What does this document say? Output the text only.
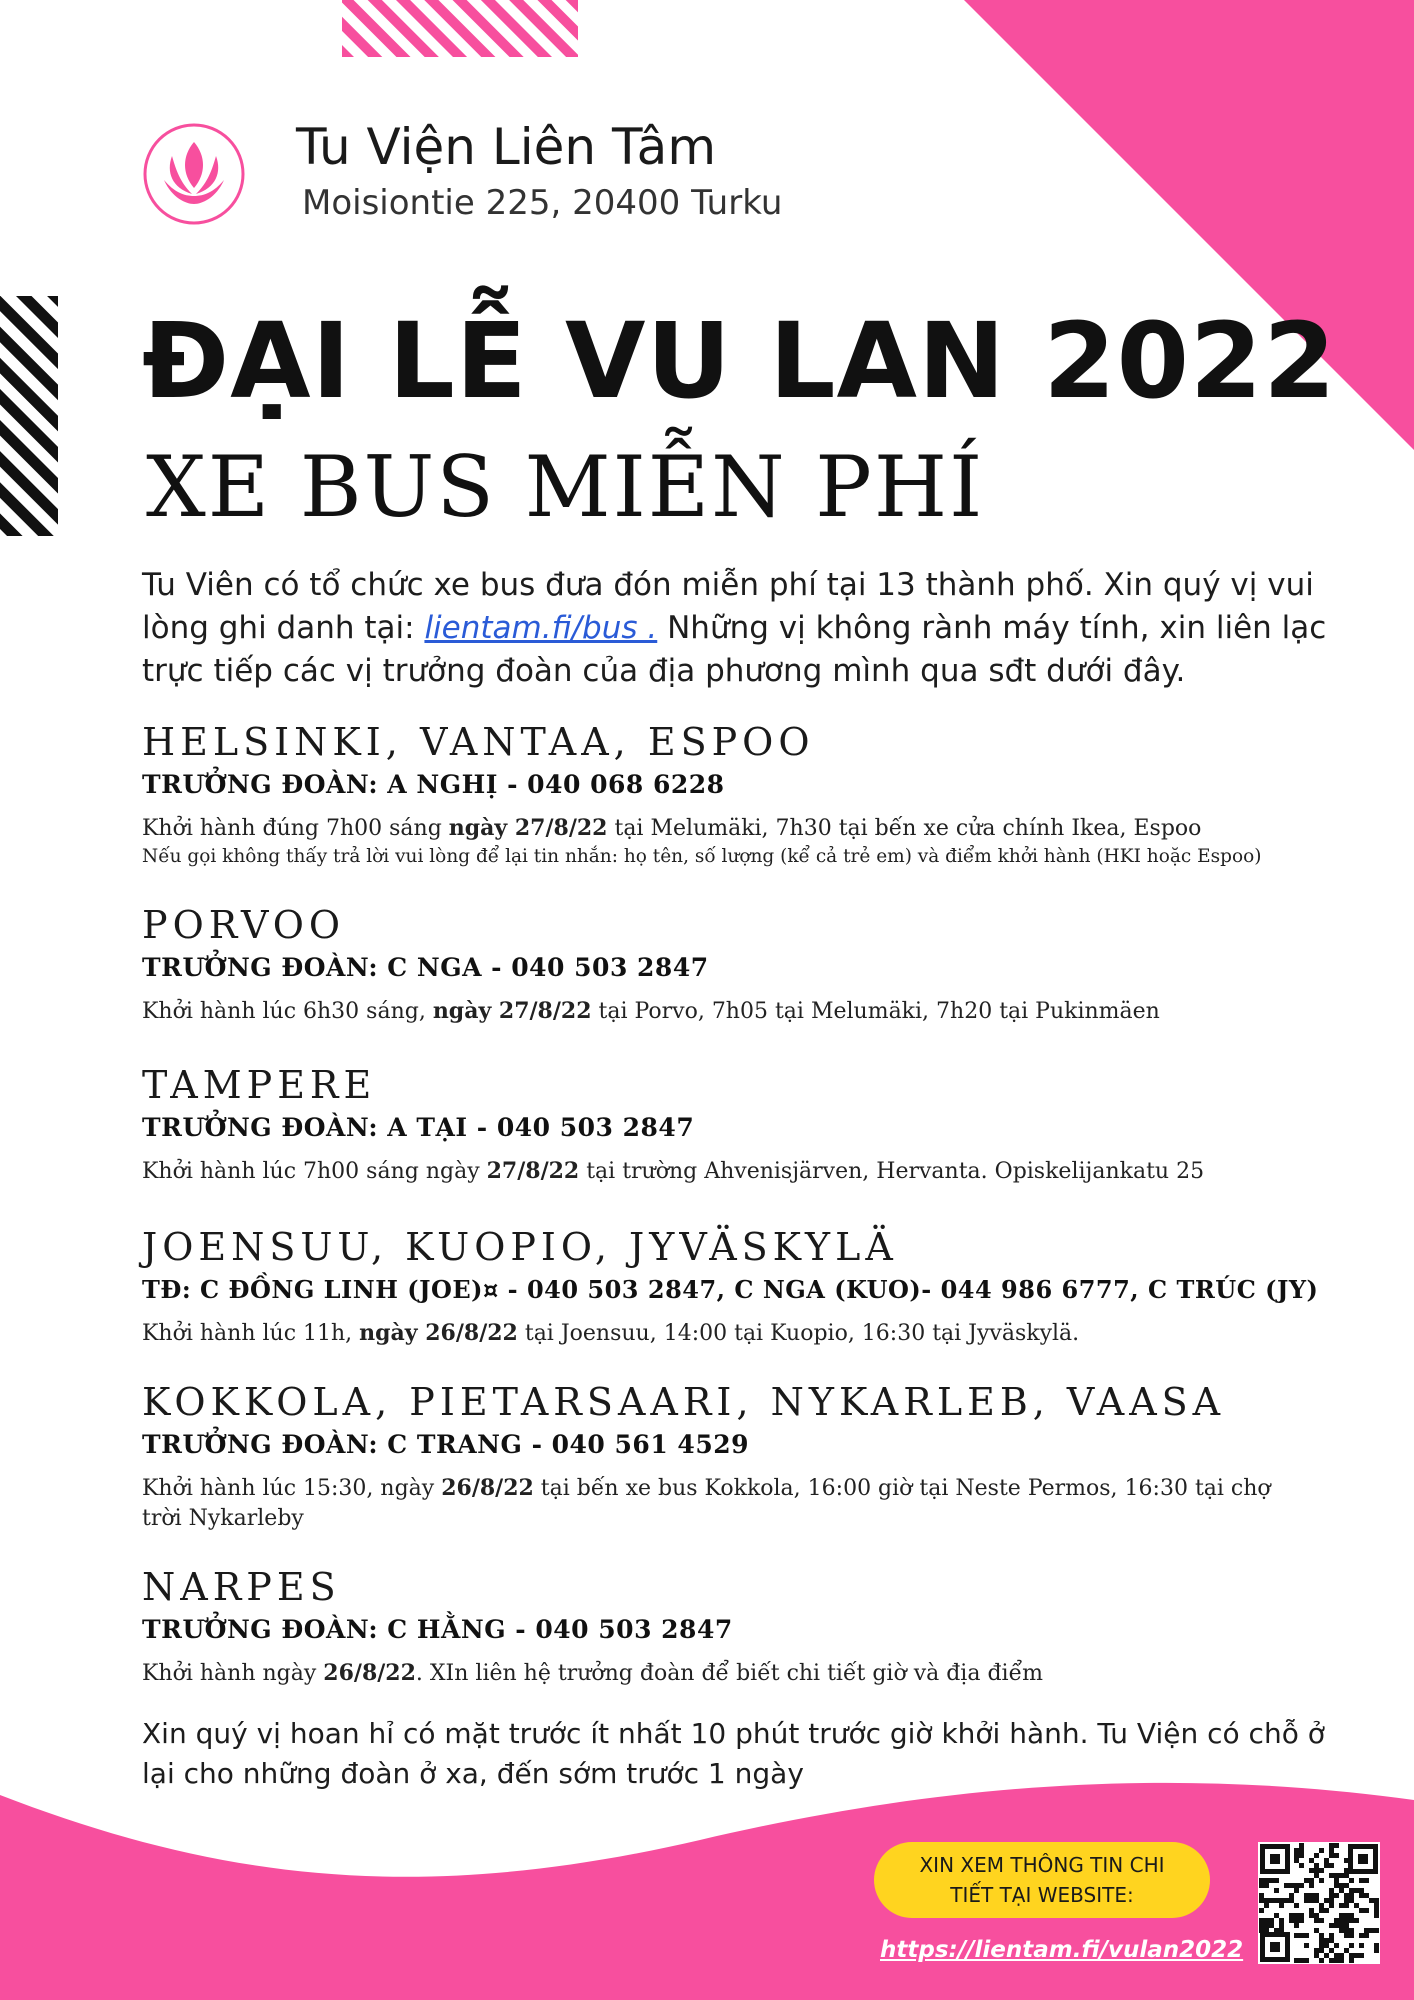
Tu Viện Liên Tâm
Moisiontie 225, 20400 Turku
ĐẠI LỄ VU LAN 2022
XE BUS MIỄN PHÍ
Tu Viên có tổ chức xe bus đưa đón miễn phí tại 13 thành phố. Xin quý vị vui lòng ghi danh tại: lientam.fi/bus . Những vị không rành máy tính, xin liên lạc trực tiếp các vị trưởng đoàn của địa phương mình qua sđt dưới đây.
HELSINKI, VANTAA, ESPOO
TRƯỞNG ĐOÀN: A NGHỊ - 040 068 6228
Khởi hành đúng 7h00 sáng ngày 27/8/22 tại Melumäki, 7h30 tại bến xe cửa chính Ikea, Espoo
Nếu gọi không thấy trả lời vui lòng để lại tin nhắn: họ tên, số lượng (kể cả trẻ em) và điểm khởi hành (HKI hoặc Espoo)
PORVOO
TRƯỞNG ĐOÀN: C NGA - 040 503 2847
Khởi hành lúc 6h30 sáng, ngày 27/8/22 tại Porvo, 7h05 tại Melumäki, 7h20 tại Pukinmäen
TAMPERE
TRƯỞNG ĐOÀN: A TẠI - 040 503 2847
Khởi hành lúc 7h00 sáng ngày 27/8/22 tại trường Ahvenisjärven, Hervanta. Opiskelijankatu 25
JOENSUU, KUOPIO, JYVÄSKYLÄ
TĐ: C ĐỒNG LINH (JOE)¤ - 040 503 2847, C NGA (KUO)- 044 986 6777, C TRÚC (JY)
Khởi hành lúc 11h, ngày 26/8/22 tại Joensuu, 14:00 tại Kuopio, 16:30 tại Jyväskylä.
KOKKOLA, PIETARSAARI, NYKARLEB, VAASA
TRƯỞNG ĐOÀN: C TRANG - 040 561 4529
Khởi hành lúc 15:30, ngày 26/8/22 tại bến xe bus Kokkola, 16:00 giờ tại Neste Permos, 16:30 tại chợ trời Nykarleby
NARPES
TRƯỞNG ĐOÀN: C HẰNG - 040 503 2847
Khởi hành ngày 26/8/22. XIn liên hệ trưởng đoàn để biết chi tiết giờ và địa điểm
Xin quý vị hoan hỉ có mặt trước ít nhất 10 phút trước giờ khởi hành. Tu Viện có chỗ ở lại cho những đoàn ở xa, đến sớm trước 1 ngày
XIN XEM THÔNG TIN CHI TIẾT TẠI WEBSITE:
https://lientam.fi/vulan2022
